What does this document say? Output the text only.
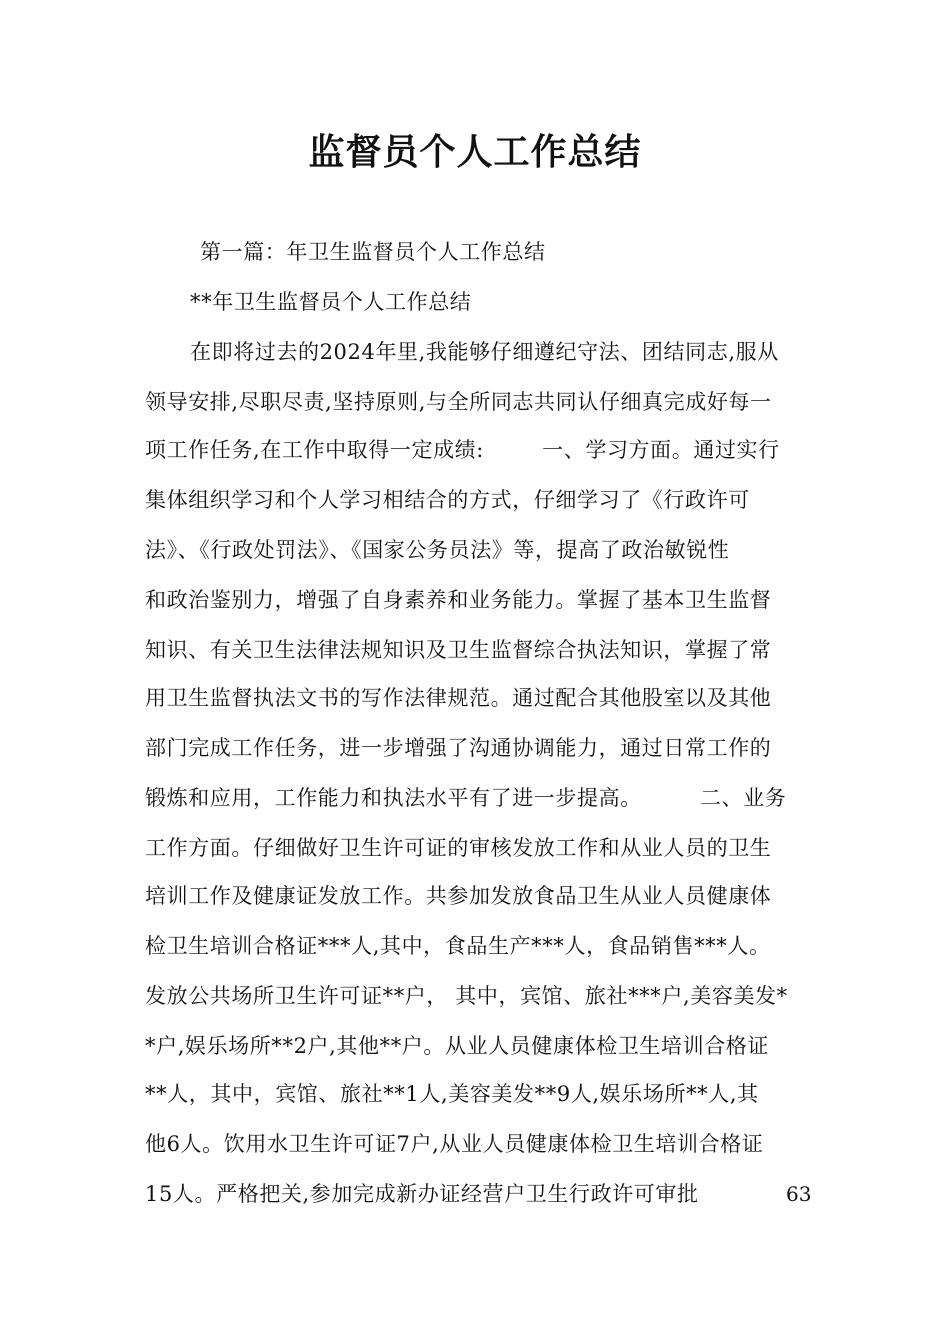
监督员个人工作总结
第一篇：年卫生监督员个人工作总结
**年卫生监督员个人工作总结
在即将过去的2024年里,我能够仔细遵纪守法、团结同志,服从
领导安排,尽职尽责,坚持原则,与全所同志共同认仔细真完成好每一
项工作任务,在工作中取得一定成绩:        一、学习方面。通过实行
集体组织学习和个人学习相结合的方式，仔细学习了《行政许可
法》、《行政处罚法》、《国家公务员法》等，提高了政治敏锐性
和政治鉴别力，增强了自身素养和业务能力。掌握了基本卫生监督
知识、有关卫生法律法规知识及卫生监督综合执法知识，掌握了常
用卫生监督执法文书的写作法律规范。通过配合其他股室以及其他
部门完成工作任务，进一步增强了沟通协调能力，通过日常工作的
锻炼和应用，工作能力和执法水平有了进一步提高。        二、业务
工作方面。仔细做好卫生许可证的审核发放工作和从业人员的卫生
培训工作及健康证发放工作。共参加发放食品卫生从业人员健康体
检卫生培训合格证***人,其中，食品生产***人，食品销售***人。
发放公共场所卫生许可证**户， 其中，宾馆、旅社***户,美容美发*
*户,娱乐场所**2户,其他**户。从业人员健康体检卫生培训合格证
**人，其中，宾馆、旅社**1人,美容美发**9人,娱乐场所**人,其
他6人。饮用水卫生许可证7户,从业人员健康体检卫生培训合格证
15人。严格把关,参加完成新办证经营户卫生行政许可审批	63
